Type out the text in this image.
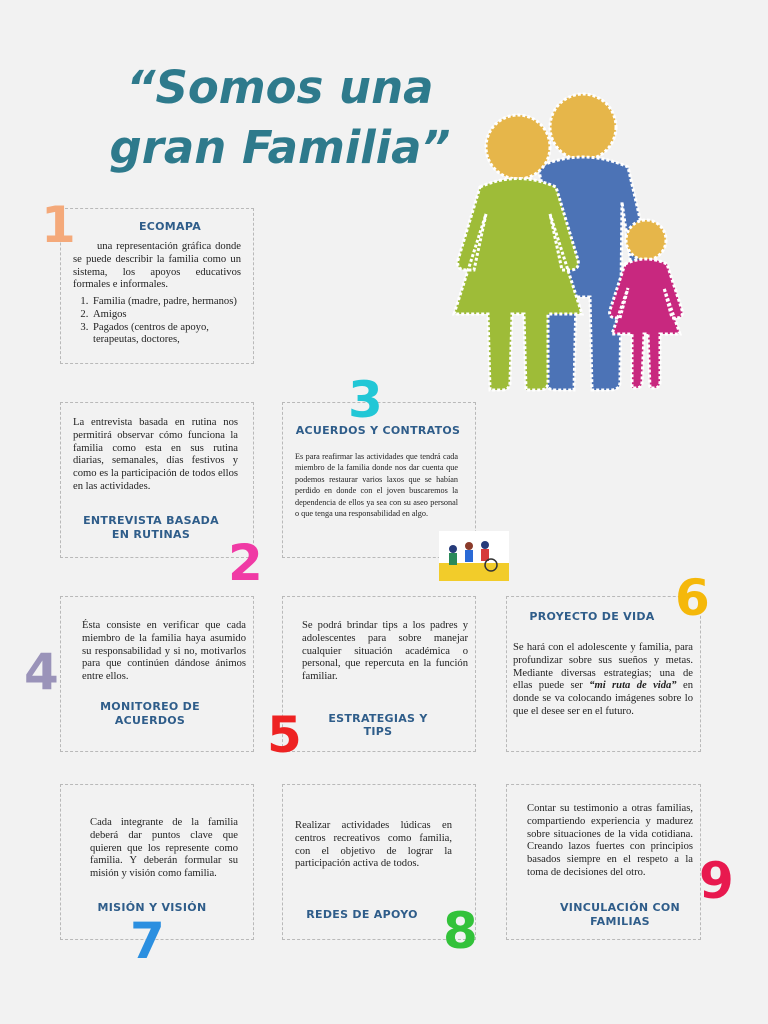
“Somos una gran Familia”
1	ECOMAPA
una representación gráfica donde se puede describir la familia como un sistema, los apoyos educativos formales e informales.
1. Familia (madre, padre, hermanos)
2. Amigos
3. Pagados (centros de apoyo, terapeutas, doctores,
La entrevista basada en rutina nos permitirá observar cómo funciona la familia como esta en sus rutina diarias, semanales, días festivos y como es la participación de todos ellos en las actividades.
ENTREVISTA BASADA EN RUTINAS 2
3
ACUERDOS Y CONTRATOS
Es para reafirmar las actividades que tendrá cada miembro de la familia donde nos dar cuenta que podemos restaurar varios laxos que se habían perdido en donde con el joven buscaremos la dependencia de ellos ya sea con su aseo personal o que tenga una responsabilidad en algo.
Ésta consiste en verificar que cada miembro de la familia haya asumido su responsabilidad y si no, motivarlos para que continúen dándose ánimos entre ellos.
MONITOREO DE ACUERDOS
4
Se podrá brindar tips a los padres y adolescentes para sobre manejar cualquier situación académica o personal, que repercuta en la función familiar.
ESTRATEGIAS Y TIPS
5
PROYECTO DE VIDA 6
Se hará con el adolescente y familia, para profundizar sobre sus sueños y metas. Mediante diversas estrategias; una de ellas puede ser “mi ruta de vida” en donde se va colocando imágenes sobre lo que el desee ser en el futuro.
Cada integrante de la familia deberá dar puntos clave que quieren que los represente como familia. Y deberán formular su misión y visión como familia.
MISIÓN Y VISIÓN
7
Realizar actividades lúdicas en centros recreativos como familia, con el objetivo de lograr la participación activa de todos.
REDES DE APOYO 8
Contar su testimonio a otras familias, compartiendo experiencia y madurez sobre situaciones de la vida cotidiana. Creando lazos fuertes con principios basados siempre en el respeto a la toma de decisiones del otro.	9
VINCULACIÓN CON FAMILIAS
